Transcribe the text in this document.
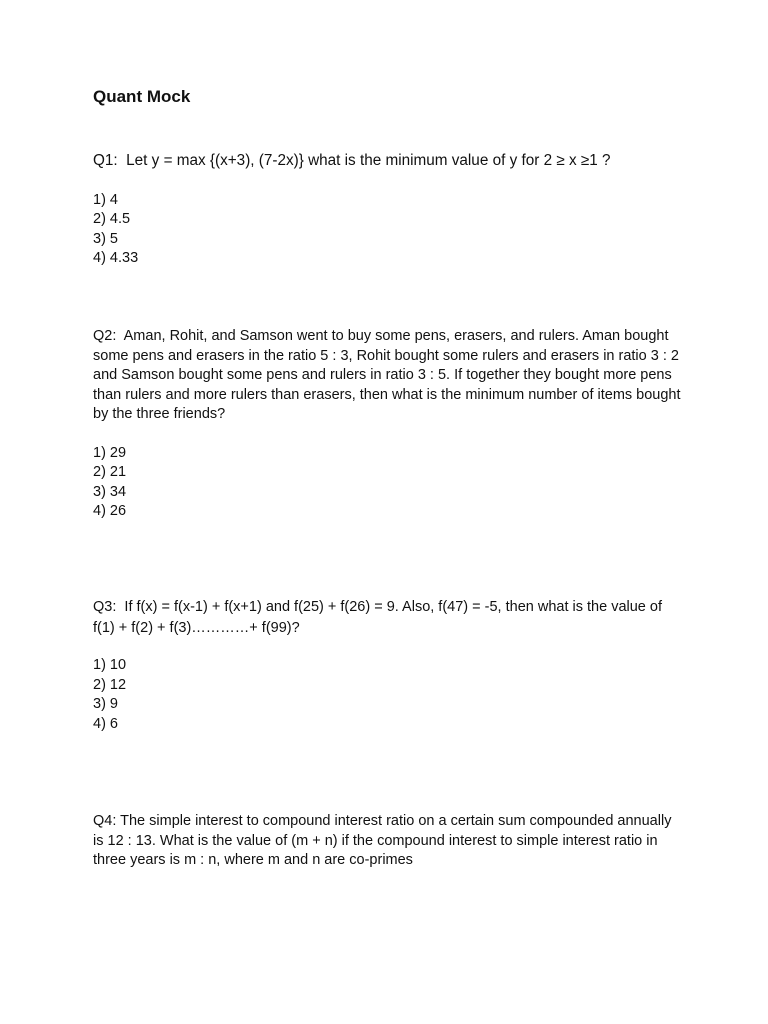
Quant Mock
Q1:  Let y = max {(x+3), (7-2x)} what is the minimum value of y for 2 ≥ x ≥1 ?
1) 4
2) 4.5
3) 5
4) 4.33
Q2:  Aman, Rohit, and Samson went to buy some pens, erasers, and rulers. Aman bought some pens and erasers in the ratio 5 : 3, Rohit bought some rulers and erasers in ratio 3 : 2 and Samson bought some pens and rulers in ratio 3 : 5. If together they bought more pens than rulers and more rulers than erasers, then what is the minimum number of items bought by the three friends?
1) 29
2) 21
3) 34
4) 26
Q3:  If f(x) = f(x-1) + f(x+1) and f(25) + f(26) = 9. Also, f(47) = -5, then what is the value of f(1) + f(2) + f(3)…………+ f(99)?
1) 10
2) 12
3) 9
4) 6
Q4: The simple interest to compound interest ratio on a certain sum compounded annually is 12 : 13. What is the value of (m + n) if the compound interest to simple interest ratio in three years is m : n, where m and n are co-primes
